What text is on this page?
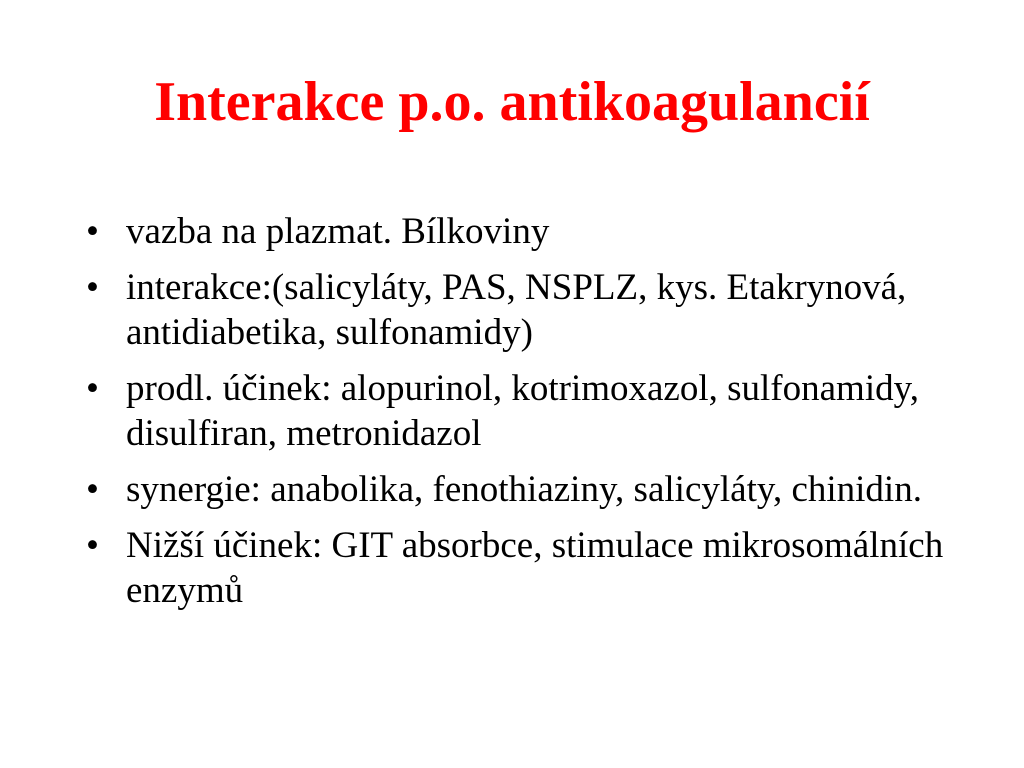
Interakce p.o. antikoagulancií
• vazba na plazmat. Bílkoviny
• interakce:(salicyláty, PAS, NSPLZ, kys. Etakrynová, antidiabetika, sulfonamidy)
• prodl. účinek: alopurinol, kotrimoxazol, sulfonamidy, disulfiran, metronidazol
• synergie: anabolika, fenothiaziny, salicyláty, chinidin.
• Nižší účinek: GIT absorbce, stimulace mikrosomálních enzymů
